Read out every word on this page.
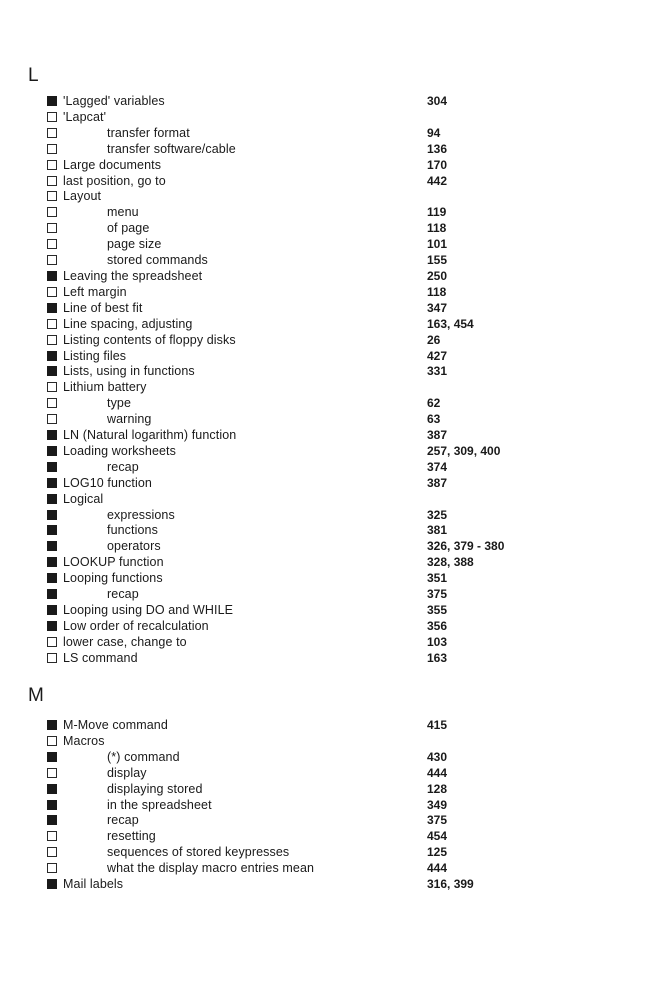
L
'Lagged' variables	304
'Lapcat'
transfer format	94
transfer software/cable	136
Large documents	170
last position, go to	442
Layout
menu	119
of page	118
page size	101
stored commands	155
Leaving the spreadsheet	250
Left margin	118
Line of best fit	347
Line spacing, adjusting	163, 454
Listing contents of floppy disks	26
Listing files	427
Lists, using in functions	331
Lithium battery
type	62
warning	63
LN (Natural logarithm) function	387
Loading worksheets	257, 309, 400
recap	374
LOG10 function	387
Logical
expressions	325
functions	381
operators	326, 379 - 380
LOOKUP function	328, 388
Looping functions	351
recap	375
Looping using DO and WHILE	355
Low order of recalculation	356
lower case, change to	103
LS command	163
M
M-Move command	415
Macros
(*) command	430
display	444
displaying stored	128
in the spreadsheet	349
recap	375
resetting	454
sequences of stored keypresses	125
what the display macro entries mean	444
Mail labels	316, 399
